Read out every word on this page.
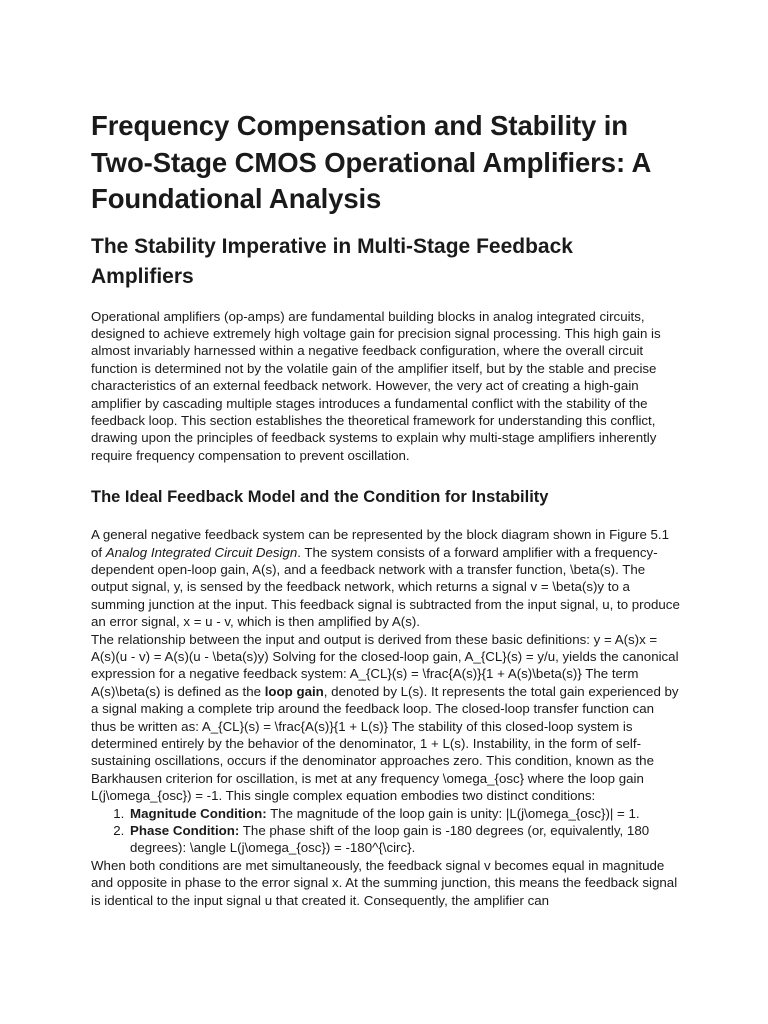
Frequency Compensation and Stability in Two-Stage CMOS Operational Amplifiers: A Foundational Analysis
The Stability Imperative in Multi-Stage Feedback Amplifiers

Operational amplifiers (op-amps) are fundamental building blocks in analog integrated circuits, designed to achieve extremely high voltage gain for precision signal processing. This high gain is almost invariably harnessed within a negative feedback configuration, where the overall circuit function is determined not by the volatile gain of the amplifier itself, but by the stable and precise characteristics of an external feedback network. However, the very act of creating a high-gain amplifier by cascading multiple stages introduces a fundamental conflict with the stability of the feedback loop. This section establishes the theoretical framework for understanding this conflict, drawing upon the principles of feedback systems to explain why multi-stage amplifiers inherently require frequency compensation to prevent oscillation.

The Ideal Feedback Model and the Condition for Instability

A general negative feedback system can be represented by the block diagram shown in Figure 5.1 of Analog Integrated Circuit Design. The system consists of a forward amplifier with a frequency-dependent open-loop gain, A(s), and a feedback network with a transfer function, \beta(s). The output signal, y, is sensed by the feedback network, which returns a signal v = \beta(s)y to a summing junction at the input. This feedback signal is subtracted from the input signal, u, to produce an error signal, x = u - v, which is then amplified by A(s).

The relationship between the input and output is derived from these basic definitions: y = A(s)x = A(s)(u - v) = A(s)(u - \beta(s)y) Solving for the closed-loop gain, A_{CL}(s) = y/u, yields the canonical expression for a negative feedback system: A_{CL}(s) = \frac{A(s)}{1 + A(s)\beta(s)} The term A(s)\beta(s) is defined as the loop gain, denoted by L(s). It represents the total gain experienced by a signal making a complete trip around the feedback loop. The closed-loop transfer function can thus be written as: A_{CL}(s) = \frac{A(s)}{1 + L(s)} The stability of this closed-loop system is determined entirely by the behavior of the denominator, 1 + L(s). Instability, in the form of self-sustaining oscillations, occurs if the denominator approaches zero. This condition, known as the Barkhausen criterion for oscillation, is met at any frequency \omega_{osc} where the loop gain L(j\omega_{osc}) = -1. This single complex equation embodies two distinct conditions:

1. Magnitude Condition: The magnitude of the loop gain is unity: |L(j\omega_{osc})| = 1.
2. Phase Condition: The phase shift of the loop gain is -180 degrees (or, equivalently, 180 degrees): \angle L(j\omega_{osc}) = -180^{\circ}.

When both conditions are met simultaneously, the feedback signal v becomes equal in magnitude and opposite in phase to the error signal x. At the summing junction, this means the feedback signal is identical to the input signal u that created it. Consequently, the amplifier can
